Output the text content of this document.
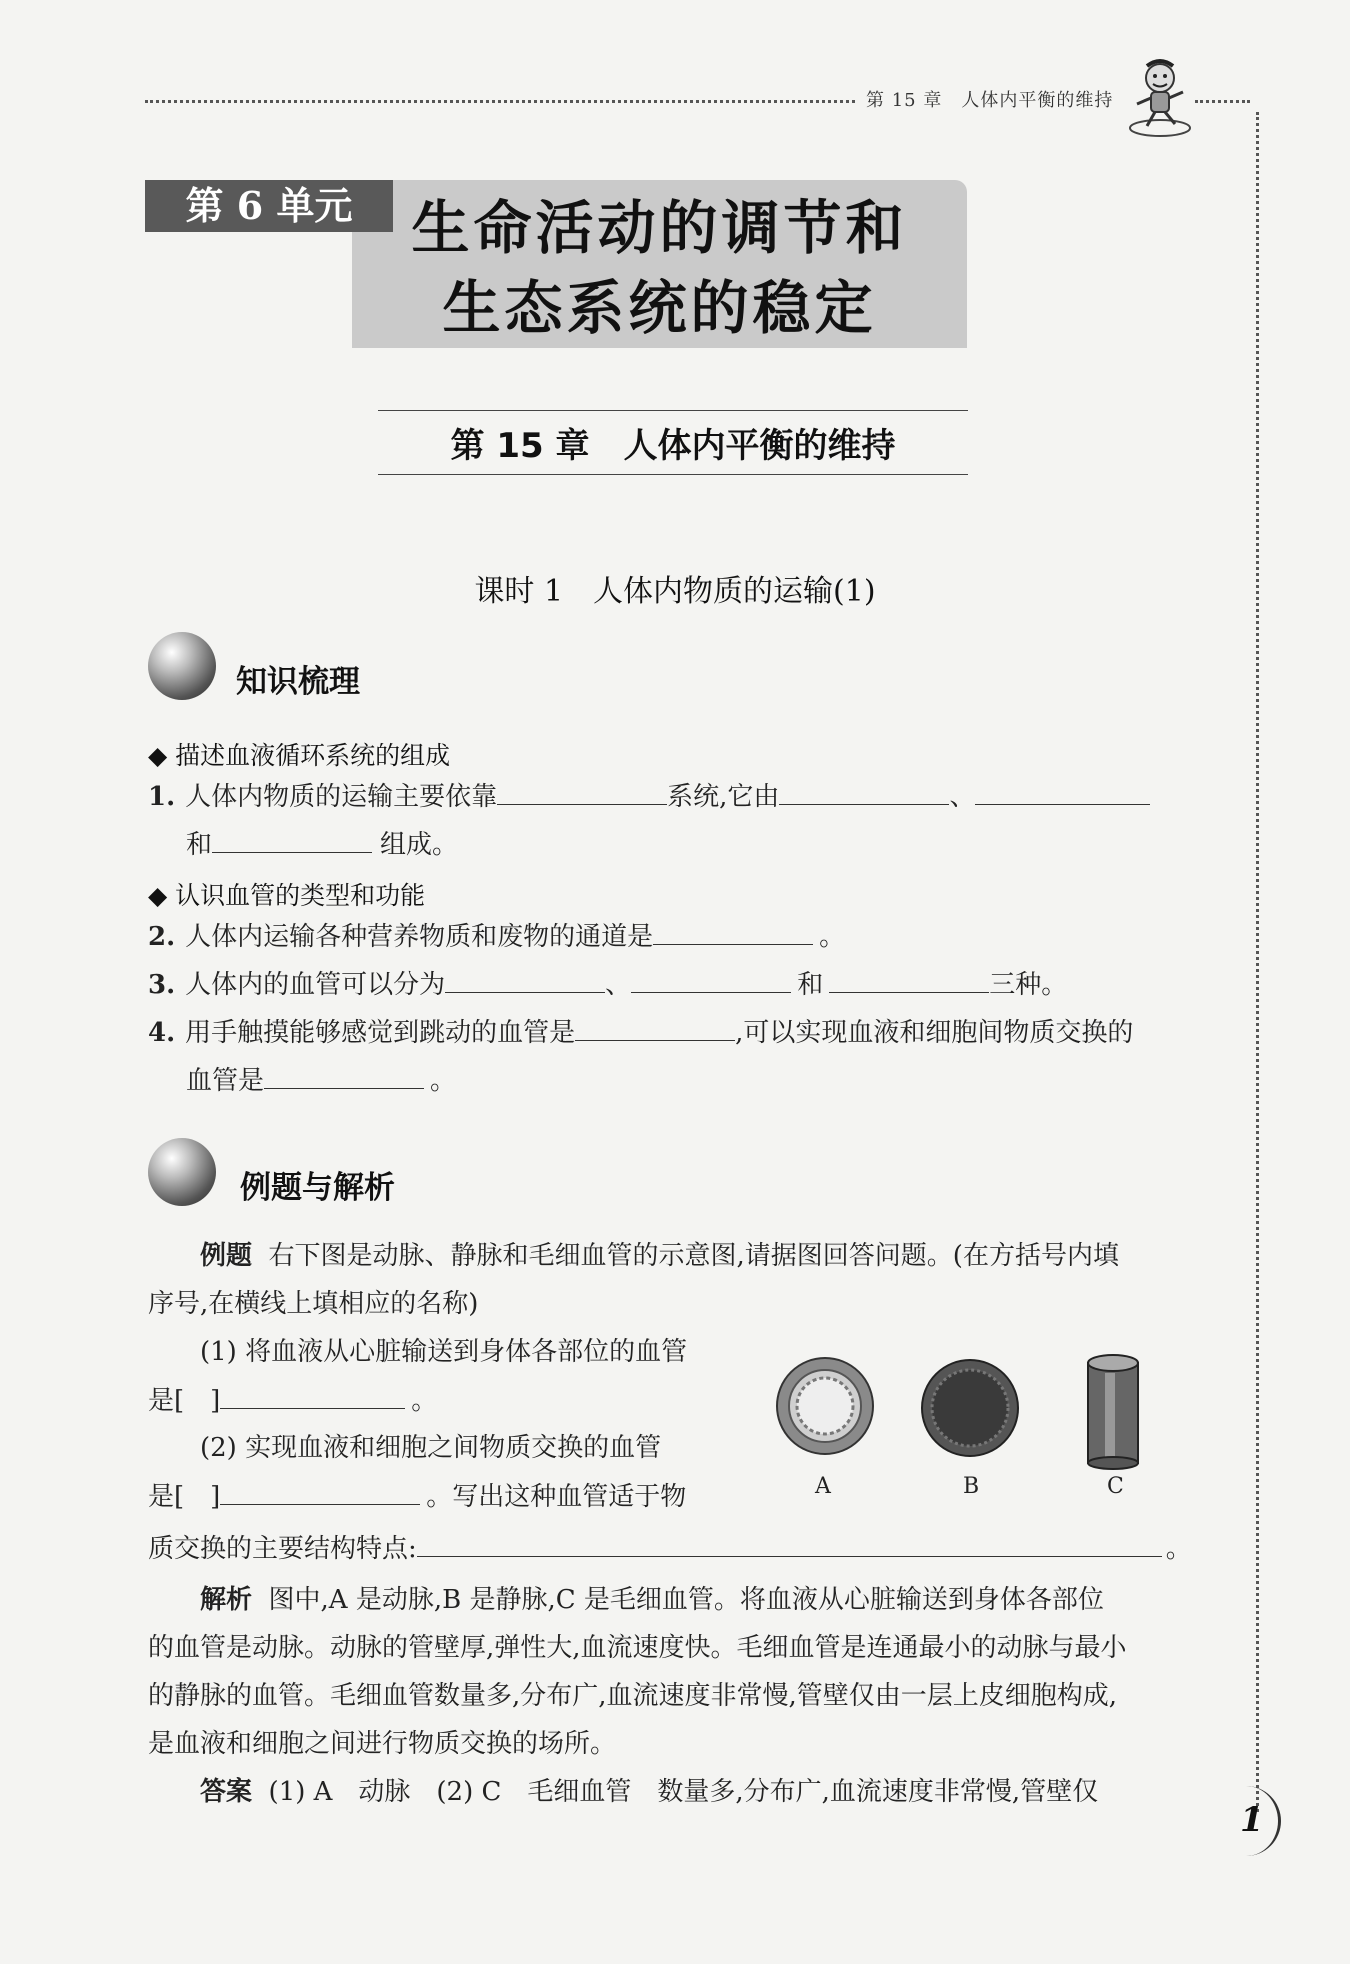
第 15 章　人体内平衡的维持
第 6 单元	生命活动的调节和
生态系统的稳定
第 15 章　人体内平衡的维持
课时 1　人体内物质的运输(1)
知识梳理
◆ 描述血液循环系统的组成
1. 人体内物质的运输主要依靠	系统,它由	、
和	组成。
◆ 认识血管的类型和功能
2. 人体内运输各种营养物质和废物的通道是	。
3. 人体内的血管可以分为	、	和	三种。
4. 用手触摸能够感觉到跳动的血管是	,可以实现血液和细胞间物质交换的
血管是	。
例题与解析
例题 右下图是动脉、静脉和毛细血管的示意图,请据图回答问题。(在方括号内填
序号,在横线上填相应的名称)
(1) 将血液从心脏输送到身体各部位的血管
是[　]	。
(2) 实现血液和细胞之间物质交换的血管
是[　]	。写出这种血管适于物
质交换的主要结构特点:	。
A	B	C
解析 图中,A 是动脉,B 是静脉,C 是毛细血管。将血液从心脏输送到身体各部位
的血管是动脉。动脉的管壁厚,弹性大,血流速度快。毛细血管是连通最小的动脉与最小
的静脉的血管。毛细血管数量多,分布广,血流速度非常慢,管壁仅由一层上皮细胞构成,
是血液和细胞之间进行物质交换的场所。
答案 (1) A　动脉　(2) C　毛细血管　数量多,分布广,血流速度非常慢,管壁仅
1
